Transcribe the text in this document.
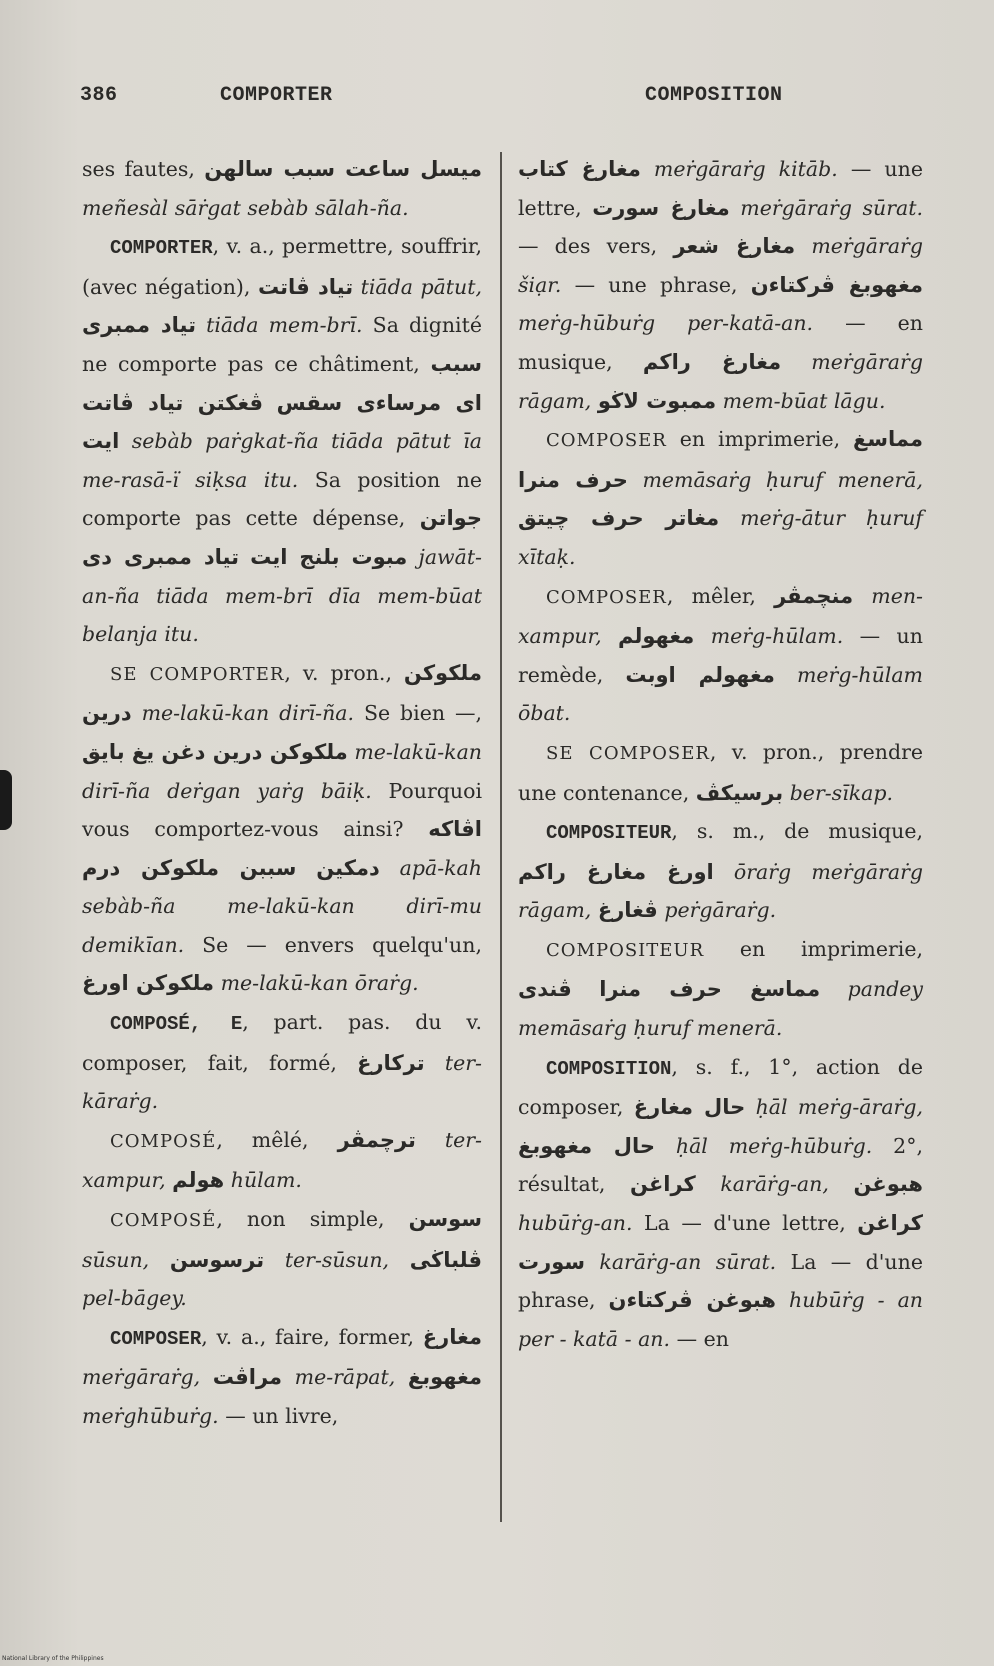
386	COMPORTER	COMPOSITION

ses fautes, ميسل ساعت سبب سالهن meñesàl sāṙgat sebàb sālah-ña.

COMPORTER, v. a., permettre, souffrir, (avec négation), تياد ڤاتت tiāda pātut, تياد ممبرى tiāda mem-brī. Sa dignité ne comporte pas ce châtiment, سبب ڤغكتن تياد ڤاتت اى مرساءى سقس ايت sebàb paṙgkat-ña tiāda pātut īa me-rasā-ï siḳsa itu. Sa position ne comporte pas cette dépense, جواتن تياد ممبرى دى مبوت بلنج ايت jawāt-an-ña tiāda mem-brī dīa mem-būat belanja itu.

SE COMPORTER, v. pron., ملكوكن درين me-lakū-kan dirī-ña. Se bien —, ملكوكن درين دغن يغ بايق me-lakū-kan dirī-ña deṙgan yaṙg bāiḳ. Pourquoi vous comportez-vous ainsi? اڤاكه سببن ملكوكن درم دمكين apā-kah sebàb-ña me-lakū-kan dirī-mu demikīan. Se — envers quelqu'un, ملكوكن اورغ me-lakū-kan ōraṙg.

COMPOSÉ, E, part. pas. du v. composer, fait, formé, تركارغ ter-kāraṙg.

COMPOSÉ, mêlé, ترچمڤر ter-xampur, هولم hūlam.

COMPOSÉ, non simple, سوسن sūsun, ترسوسن ter-sūsun, ڤلباڬى pel-bāgey.

COMPOSER, v. a., faire, former, مغارغ meṙgāraṙg, مراڤت me-rāpat, مغهوبغ meṙghūbuṙg. — un livre,

مغارغ كتاب meṙgāraṙg kitāb. — une lettre, مغارغ سورت meṙgāraṙg sūrat. — des vers, مغارغ شعر meṙgāraṙg šiạr. — une phrase, مغهوبغ ڤركتاءن meṙg-hūbuṙg per-katā-an. — en musique, مغارغ راكم meṙgāraṙg rāgam, ممبوت لاڬو mem-būat lāgu.

COMPOSER en imprimerie, مماسغ حرف منرا memāsaṙg ḥuruf menerā, مغاتر حرف چيتق meṙg-ātur ḥuruf xītaḳ.

COMPOSER, mêler, منچمڤر men-xampur, مغهولم meṙg-hūlam. — un remède, مغهولم اوبت meṙg-hūlam ōbat.

SE COMPOSER, v. pron., prendre une contenance, برسيكڤ ber-sīkap.

COMPOSITEUR, s. m., de musique, اورغ مغارغ راكم ōraṙg meṙgāraṙg rāgam, ڤغارغ peṙgāraṙg.

COMPOSITEUR en imprimerie, ڤندى مماسغ حرف منرا pandey memāsaṙg ḥuruf menerā.

COMPOSITION, s. f., 1°, action de composer, حال مغارغ ḥāl meṙg-āraṙg, حال مغهوبغ ḥāl meṙg-hūbuṙg. 2°, résultat, كراغن karāṙg-an, هبوغن hubūṙg-an. La — d'une lettre, كراغن سورت karāṙg-an sūrat. La — d'une phrase, هبوغن ڤركتاءن hubūṙg - an per - katā - an. — en

National Library of the Philippines
